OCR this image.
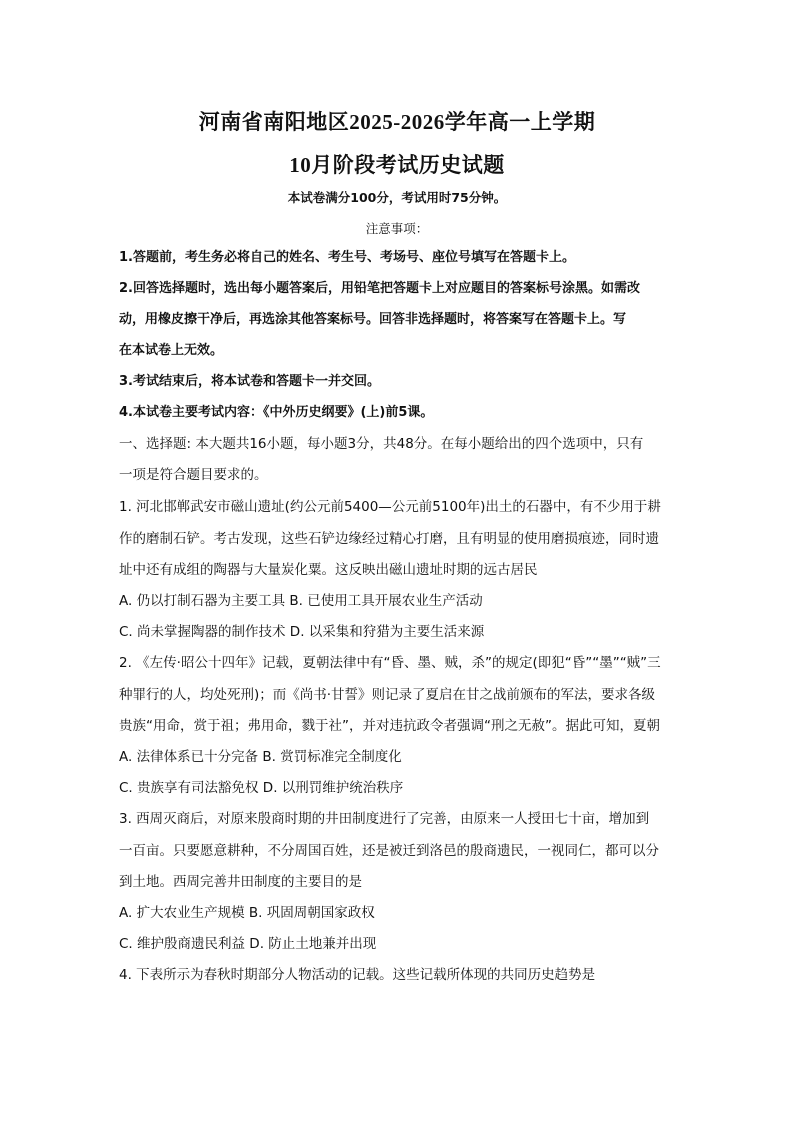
河南省南阳地区2025-2026学年高一上学期
10月阶段考试历史试题
本试卷满分100分，考试用时75分钟。
注意事项：
1.答题前，考生务必将自己的姓名、考生号、考场号、座位号填写在答题卡上。
2.回答选择题时，选出每小题答案后，用铅笔把答题卡上对应题目的答案标号涂黑。如需改
动，用橡皮擦干净后，再选涂其他答案标号。回答非选择题时，将答案写在答题卡上。写
在本试卷上无效。
3.考试结束后，将本试卷和答题卡一并交回。
4.本试卷主要考试内容：《中外历史纲要》(上)前5课。
一、选择题: 本大题共16小题，每小题3分，共48分。在每小题给出的四个选项中，只有
一项是符合题目要求的。
1. 河北邯郸武安市磁山遗址(约公元前5400—公元前5100年)出土的石器中，有不少用于耕
作的磨制石铲。考古发现，这些石铲边缘经过精心打磨，且有明显的使用磨损痕迹，同时遗
址中还有成组的陶器与大量炭化粟。这反映出磁山遗址时期的远古居民
A. 仍以打制石器为主要工具 B. 已使用工具开展农业生产活动
C. 尚未掌握陶器的制作技术 D. 以采集和狩猎为主要生活来源
2. 《左传·昭公十四年》记载，夏朝法律中有“昏、墨、贼，杀”的规定(即犯“昏”“墨”“贼”三
种罪行的人，均处死刑)；而《尚书·甘誓》则记录了夏启在甘之战前颁布的军法，要求各级
贵族“用命，赏于祖；弗用命，戮于社”，并对违抗政令者强调“刑之无赦”。据此可知，夏朝
A. 法律体系已十分完备 B. 赏罚标准完全制度化
C. 贵族享有司法豁免权 D. 以刑罚维护统治秩序
3. 西周灭商后，对原来殷商时期的井田制度进行了完善，由原来一人授田七十亩，增加到
一百亩。只要愿意耕种，不分周国百姓，还是被迁到洛邑的殷商遗民，一视同仁，都可以分
到土地。西周完善井田制度的主要目的是
A. 扩大农业生产规模 B. 巩固周朝国家政权
C. 维护殷商遗民利益 D. 防止土地兼并出现
4. 下表所示为春秋时期部分人物活动的记载。这些记载所体现的共同历史趋势是
